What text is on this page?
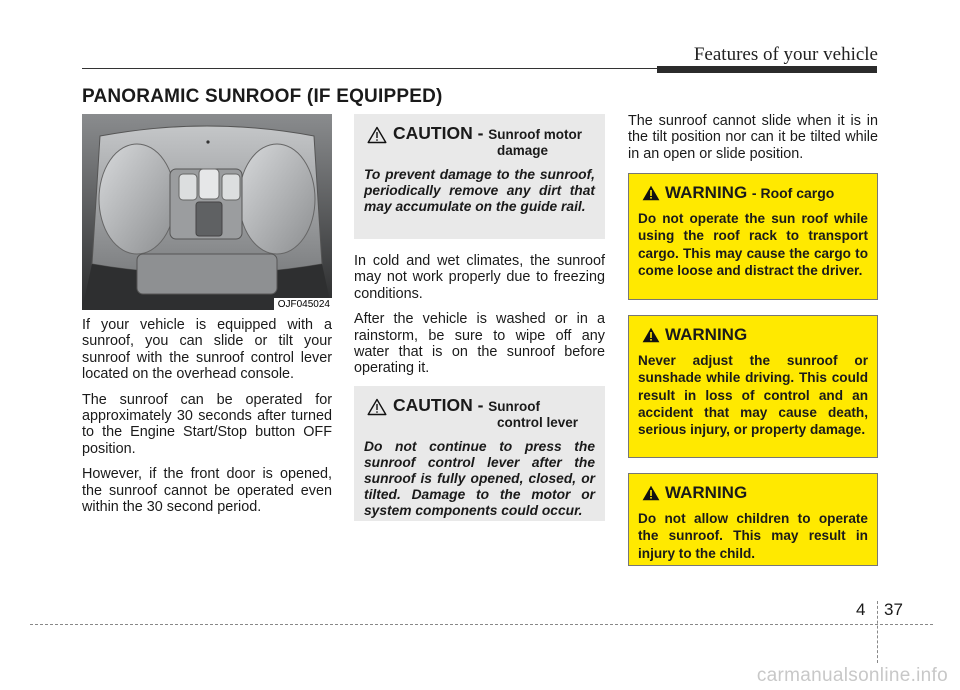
Features of your vehicle
PANORAMIC SUNROOF (IF EQUIPPED)
OJF045024

If your vehicle is equipped with a sunroof, you can slide or tilt your sunroof with the sunroof control lever located on the overhead console.

The sunroof can be operated for approximately 30 seconds after turned to the Engine Start/Stop button OFF position.

However, if the front door is opened, the sunroof cannot be operated even within the 30 second period.

CAUTION - Sunroof motor
damage
To prevent damage to the sunroof, periodically remove any dirt that may accumulate on the guide rail.

In cold and wet climates, the sunroof may not work properly due to freezing conditions.

After the vehicle is washed or in a rainstorm, be sure to wipe off any water that is on the sunroof before operating it.

CAUTION - Sunroof
control lever
Do not continue to press the sunroof control lever after the sunroof is fully opened, closed, or tilted. Damage to the motor or system components could occur.

The sunroof cannot slide when it is in the tilt position nor can it be tilted while in an open or slide position.

WARNING - Roof cargo
Do not operate the sun roof while using the roof rack to transport cargo. This may cause the cargo to come loose and distract the driver.
WARNING
Never adjust the sunroof or sunshade while driving. This could result in loss of control and an accident that may cause death, serious injury, or property damage.
WARNING
Do not allow children to operate the sunroof. This may result in injury to the child.
4 37
carmanualsonline.info
